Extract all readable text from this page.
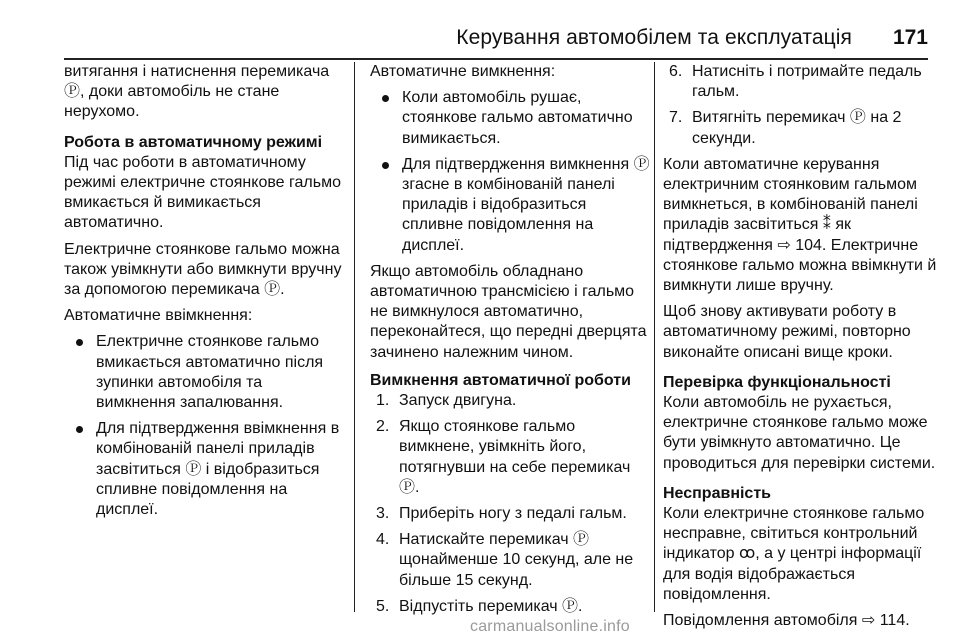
Керування автомобілем та експлуатація 171

витягання і натиснення перемикача Ⓟ, доки автомобіль не стане нерухомо.

Робота в автоматичному режимі

Під час роботи в автоматичному режимі електричне стоянкове гальмо вмикається й вимикається автоматично.

Електричне стоянкове гальмо можна також увімкнути або вимкнути вручну за допомогою перемикача Ⓟ.

Автоматичне ввімкнення:

Електричне стоянкове гальмо вмикається автоматично після зупинки автомобіля та вимкнення запалювання.
Для підтвердження ввімкнення в комбінованій панелі приладів засвітиться Ⓟ і відобразиться спливне повідомлення на дисплеї.

Автоматичне вимкнення:

Коли автомобіль рушає, стоянкове гальмо автоматично вимикається.
Для підтвердження вимкнення Ⓟ згасне в комбінованій панелі приладів і відобразиться спливне повідомлення на дисплеї.

Якщо автомобіль обладнано автоматичною трансмісією і гальмо не вимкнулося автоматично, переконайтеся, що передні дверцята зачинено належним чином.

Вимкнення автоматичної роботи
1. Запуск двигуна.
2. Якщо стоянкове гальмо вимкнене, увімкніть його, потягнувши на себе перемикач Ⓟ.
3. Приберіть ногу з педалі гальм.
4. Натискайте перемикач Ⓟ щонайменше 10 секунд, але не більше 15 секунд.
5. Відпустіть перемикач Ⓟ.
6. Натисніть і потримайте педаль гальм.
7. Витягніть перемикач Ⓟ на 2 секунди.

Коли автоматичне керування електричним стоянковим гальмом вимкнеться, в комбінованій панелі приладів засвітиться ⁑ як підтвердження ⇨ 104. Електричне стоянкове гальмо можна ввімкнути й вимкнути лише вручну.

Щоб знову активувати роботу в автоматичному режимі, повторно виконайте описані вище кроки.

Перевірка функціональності

Коли автомобіль не рухається, електричне стоянкове гальмо може бути увімкнуто автоматично. Це проводиться для перевірки системи.

Несправність

Коли електричне стоянкове гальмо несправне, світиться контрольний індикатор ꝏ, а у центрі інформації для водія відображається повідомлення.

Повідомлення автомобіля ⇨ 114.

carmanualsonline.info
